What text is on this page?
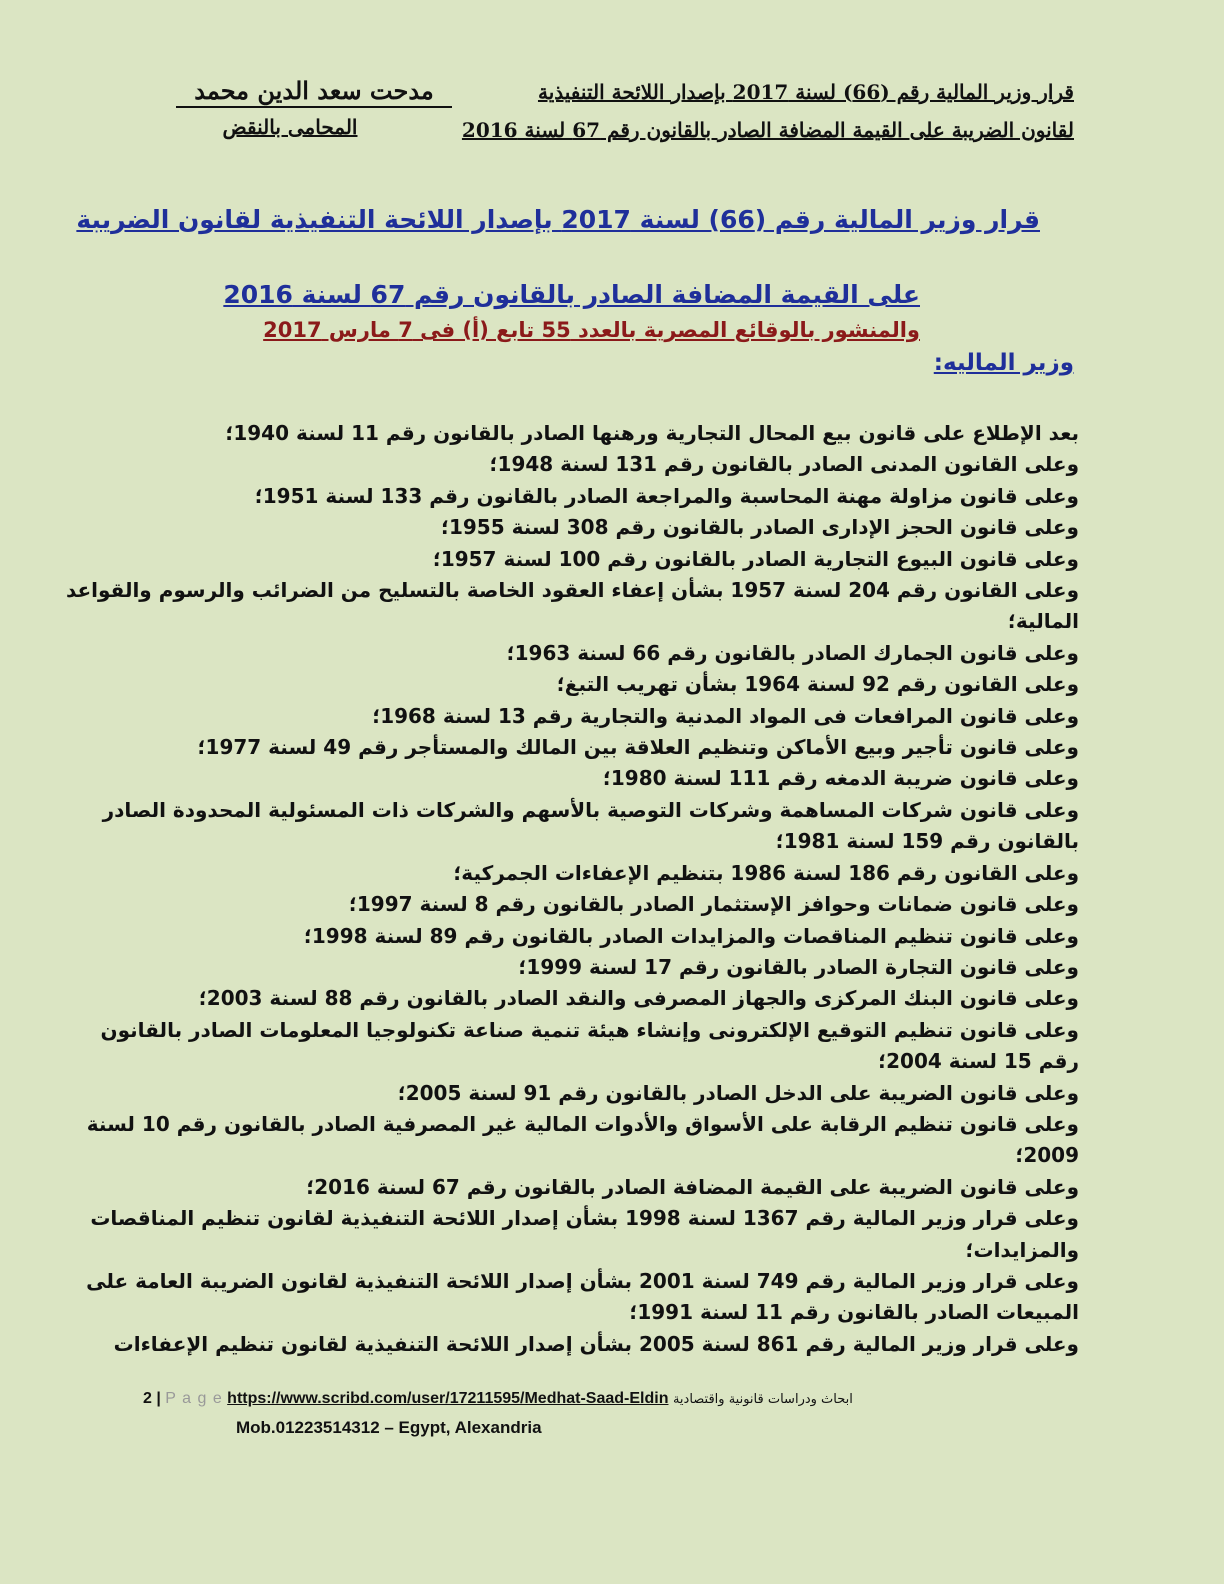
قرار وزير المالية رقم (66) لسنة 2017 بإصدار اللائحة التنفيذية
لقانون الضريبة على القيمة المضافة الصادر بالقانون رقم 67 لسنة 2016
مدحت سعد الدين محمد
المحامى بالنقض
قرار وزير المالية رقم (66) لسنة 2017 بإصدار اللائحة التنفيذية لقانون الضريبة
على القيمة المضافة الصادر بالقانون رقم 67 لسنة 2016
والمنشور بالوقائع المصرية بالعدد 55 تابع (أ) فى 7 مارس 2017
وزير الماليه:
بعد الإطلاع على قانون بيع المحال التجارية ورهنها الصادر بالقانون رقم 11 لسنة 1940؛
وعلى القانون المدنى الصادر بالقانون رقم 131 لسنة 1948؛
وعلى قانون مزاولة مهنة المحاسبة والمراجعة الصادر بالقانون رقم 133 لسنة 1951؛
وعلى قانون الحجز الإدارى الصادر بالقانون رقم 308 لسنة 1955؛
وعلى قانون البيوع التجارية الصادر بالقانون رقم 100 لسنة 1957؛
وعلى القانون رقم 204 لسنة 1957 بشأن إعفاء العقود الخاصة بالتسليح من الضرائب والرسوم والقواعد
المالية؛
وعلى قانون الجمارك الصادر بالقانون رقم 66 لسنة 1963؛
وعلى القانون رقم 92 لسنة 1964 بشأن تهريب التبغ؛
وعلى قانون المرافعات فى المواد المدنية والتجارية رقم 13 لسنة 1968؛
وعلى قانون تأجير وبيع الأماكن وتنظيم العلاقة بين المالك والمستأجر رقم 49 لسنة 1977؛
وعلى قانون ضريبة الدمغه رقم 111 لسنة 1980؛
وعلى قانون شركات المساهمة وشركات التوصية بالأسهم والشركات ذات المسئولية المحدودة الصادر
بالقانون رقم 159 لسنة 1981؛
وعلى القانون رقم 186 لسنة 1986 بتنظيم الإعفاءات الجمركية؛
وعلى قانون ضمانات وحوافز الإستثمار الصادر بالقانون رقم 8 لسنة 1997؛
وعلى قانون تنظيم المناقصات والمزايدات الصادر بالقانون رقم 89 لسنة 1998؛
وعلى قانون التجارة الصادر بالقانون رقم 17 لسنة 1999؛
وعلى قانون البنك المركزى والجهاز المصرفى والنقد الصادر بالقانون رقم 88 لسنة 2003؛
وعلى قانون تنظيم التوقيع الإلكترونى وإنشاء هيئة تنمية صناعة تكنولوجيا المعلومات الصادر بالقانون
رقم 15 لسنة 2004؛
وعلى قانون الضريبة على الدخل الصادر بالقانون رقم 91 لسنة 2005؛
وعلى قانون تنظيم الرقابة على الأسواق والأدوات المالية غير المصرفية الصادر بالقانون رقم 10 لسنة
2009؛
وعلى قانون الضريبة على القيمة المضافة الصادر بالقانون رقم 67 لسنة 2016؛
وعلى قرار وزير المالية رقم 1367 لسنة 1998 بشأن إصدار اللائحة التنفيذية لقانون تنظيم المناقصات
والمزايدات؛
وعلى قرار وزير المالية رقم 749 لسنة 2001 بشأن إصدار اللائحة التنفيذية لقانون الضريبة العامة على
المبيعات الصادر بالقانون رقم 11 لسنة 1991؛
وعلى قرار وزير المالية رقم 861 لسنة 2005 بشأن إصدار اللائحة التنفيذية لقانون تنظيم الإعفاءات
2 | P a g e https://www.scribd.com/user/17211595/Medhat-Saad-Eldin ابحاث ودراسات قانونية واقتصادية
Mob.01223514312 – Egypt, Alexandria
